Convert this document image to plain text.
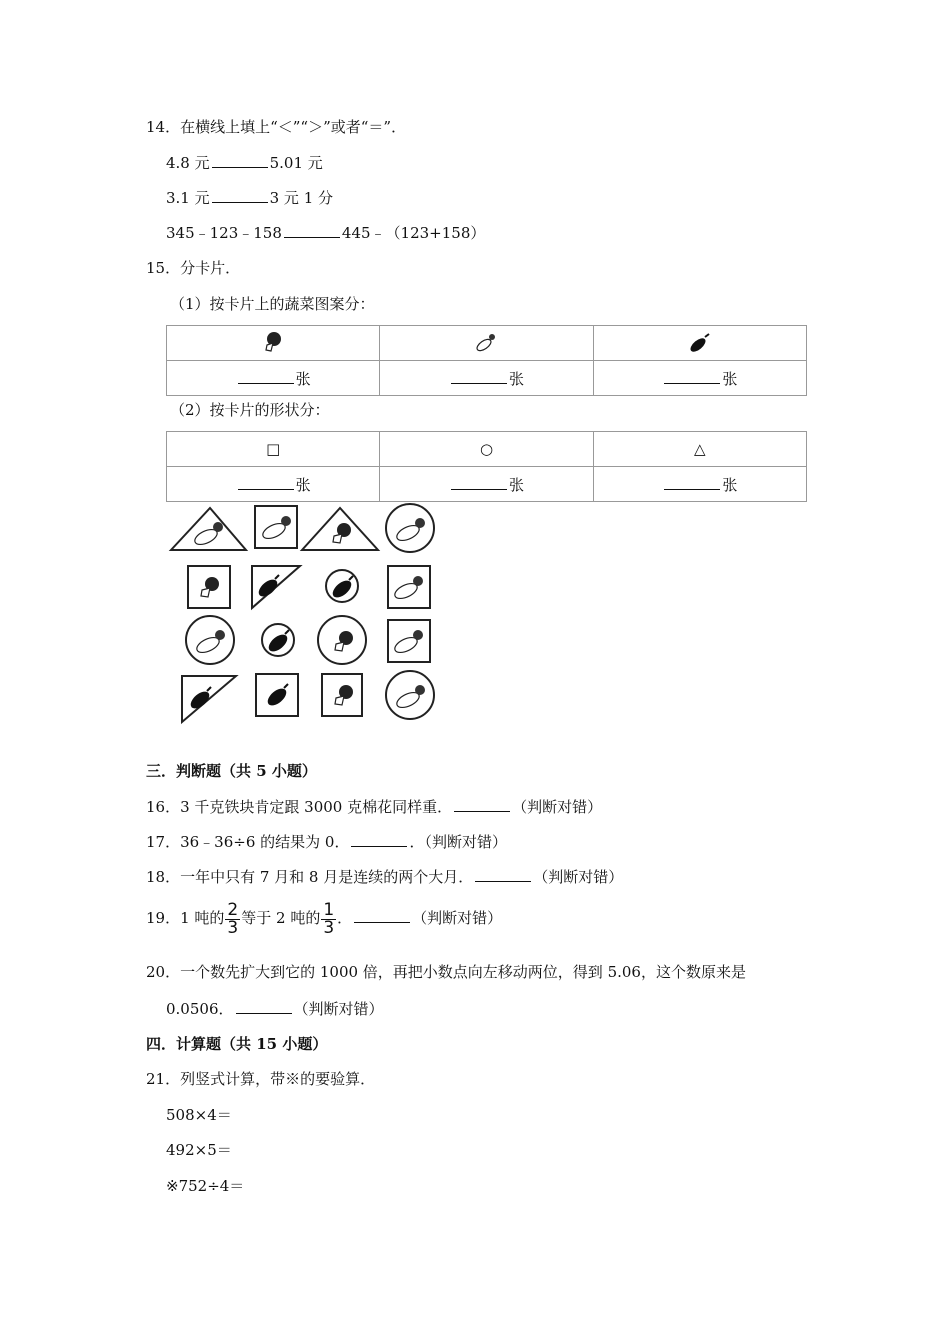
14．在横线上填上“＜”“＞”或者“＝”．
4.8 元	5.01 元
3.1 元	3 元 1 分
345﹣123﹣158	445﹣（123+158）
15．分卡片．
（1）按卡片上的蔬菜图案分：

张	张	张
（2）按卡片的形状分：
□	○	△
张	张	张
三．判断题（共 5 小题）
16．3 千克铁块肯定跟 3000 克棉花同样重．	（判断对错）
17．36﹣36÷6 的结果为 0．	．（判断对错）
18．一年中只有 7 月和 8 月是连续的两个大月．	（判断对错）
19．1 吨的 $\frac{2}{3}$ 等于 2 吨的 $\frac{1}{3}$ ．	（判断对错）
20．一个数先扩大到它的 1000 倍，再把小数点向左移动两位，得到 5.06，这个数原来是
0.0506．	（判断对错）
四．计算题（共 15 小题）
21．列竖式计算，带※的要验算．
508×4＝
492×5＝
※752÷4＝
